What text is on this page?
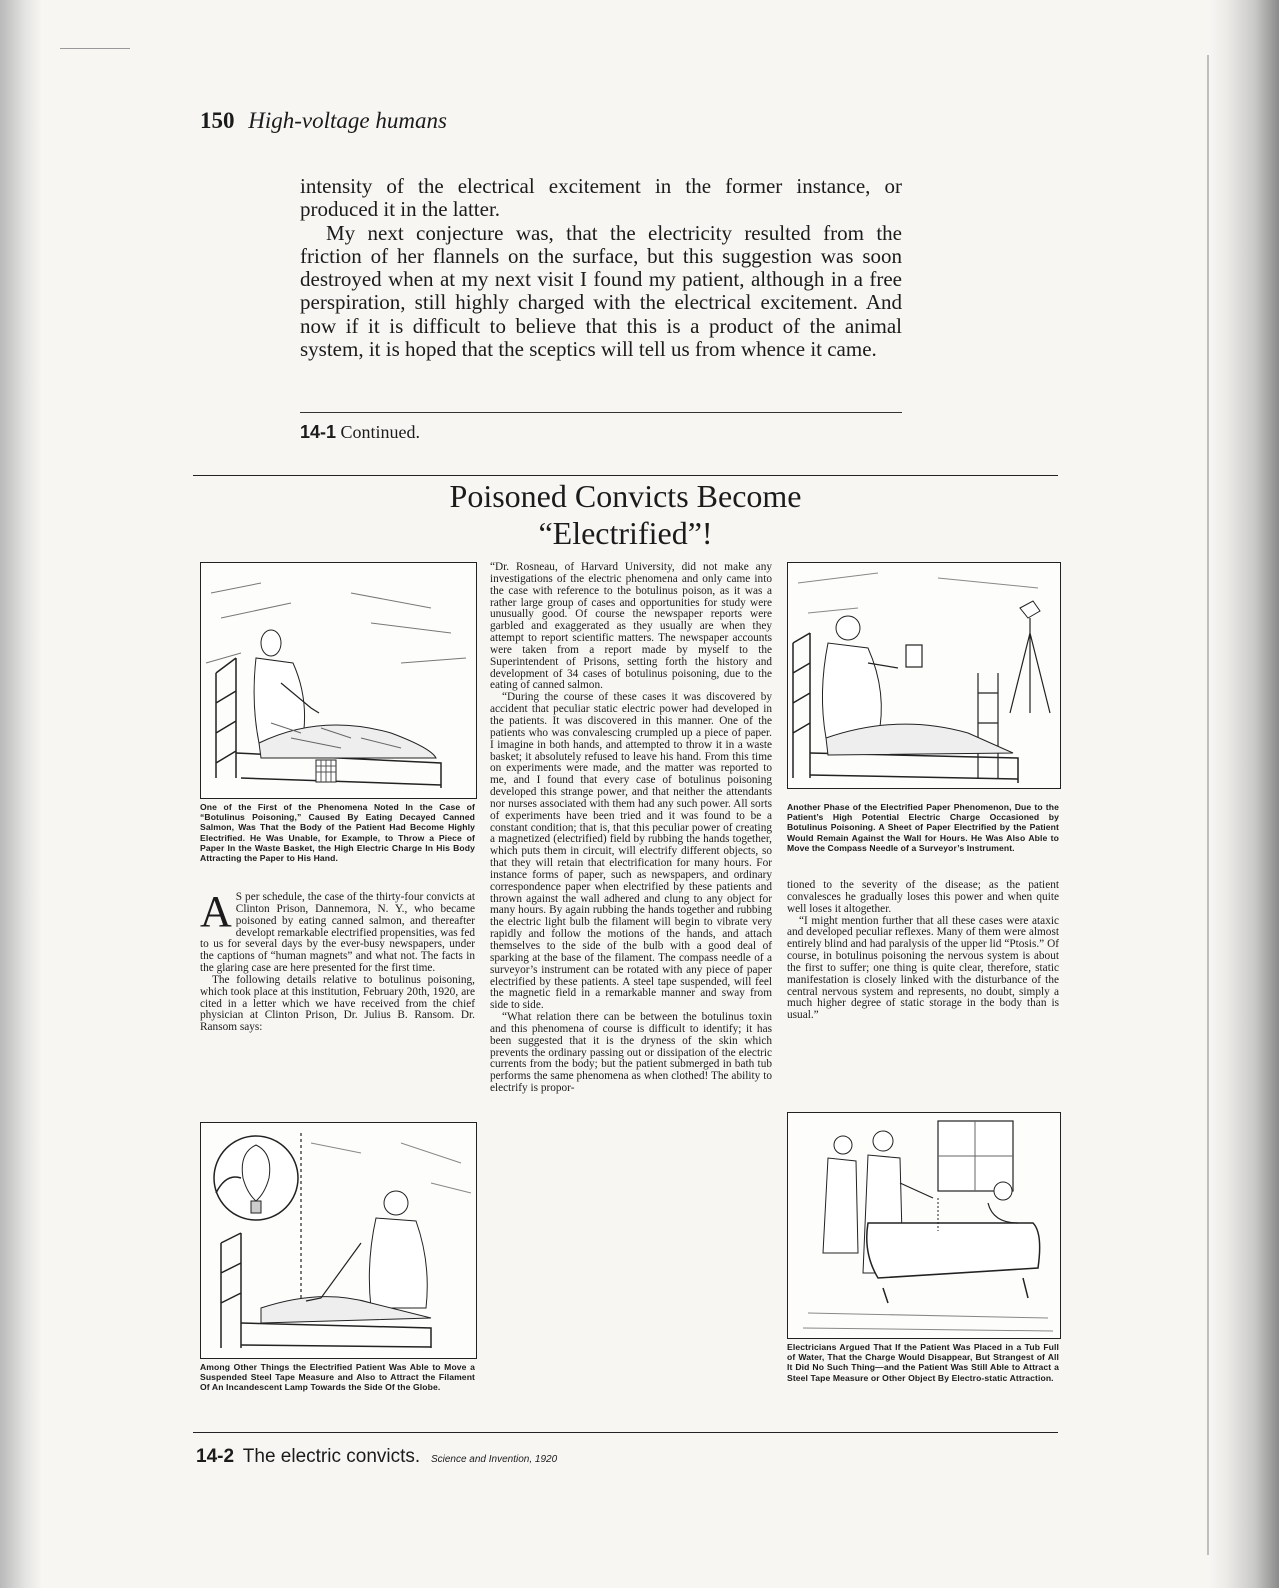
150 High-voltage humans

intensity of the electrical excitement in the former instance, or produced it in the latter.

My next conjecture was, that the electricity resulted from the friction of her flannels on the surface, but this suggestion was soon destroyed when at my next visit I found my patient, although in a free perspiration, still highly charged with the electrical excitement. And now if it is difficult to believe that this is a product of the animal system, it is hoped that the sceptics will tell us from whence it came.

14-1 Continued.
Poisoned Convicts Become
“Electrified”!
One of the First of the Phenomena Noted In the Case of “Botulinus Poisoning,” Caused By Eating Decayed Canned Salmon, Was That the Body of the Patient Had Become Highly Electrified. He Was Unable, for Example, to Throw a Piece of Paper In the Waste Basket, the High Electric Charge In His Body Attracting the Paper to His Hand.

A S per schedule, the case of the thirty-four convicts at Clinton Prison, Dannemora, N. Y., who became poisoned by eating canned salmon, and thereafter developt remarkable electrified propensities, was fed to us for several days by the ever-busy newspapers, under the captions of “human magnets” and what not. The facts in the glaring case are here presented for the first time.

The following details relative to botulinus poisoning, which took place at this institution, February 20th, 1920, are cited in a letter which we have received from the chief physician at Clinton Prison, Dr. Julius B. Ransom. Dr. Ransom says:

Among Other Things the Electrified Patient Was Able to Move a Suspended Steel Tape Measure and Also to Attract the Filament Of An Incandescent Lamp Towards the Side Of the Globe.

“Dr. Rosneau, of Harvard University, did not make any investigations of the electric phenomena and only came into the case with reference to the botulinus poison, as it was a rather large group of cases and opportunities for study were unusually good. Of course the newspaper reports were garbled and exaggerated as they usually are when they attempt to report scientific matters. The newspaper accounts were taken from a report made by myself to the Superintendent of Prisons, setting forth the history and development of 34 cases of botulinus poisoning, due to the eating of canned salmon.

“During the course of these cases it was discovered by accident that peculiar static electric power had developed in the patients. It was discovered in this manner. One of the patients who was convalescing crumpled up a piece of paper. I imagine in both hands, and attempted to throw it in a waste basket; it absolutely refused to leave his hand. From this time on experiments were made, and the matter was reported to me, and I found that every case of botulinus poisoning developed this strange power, and that neither the attendants nor nurses associated with them had any such power. All sorts of experiments have been tried and it was found to be a constant condition; that is, that this peculiar power of creating a magnetized (electrified) field by rubbing the hands together, which puts them in circuit, will electrify different objects, so that they will retain that electrification for many hours. For instance forms of paper, such as newspapers, and ordinary correspondence paper when electrified by these patients and thrown against the wall adhered and clung to any object for many hours. By again rubbing the hands together and rubbing the electric light bulb the filament will begin to vibrate very rapidly and follow the motions of the hands, and attach themselves to the side of the bulb with a good deal of sparking at the base of the filament. The compass needle of a surveyor’s instrument can be rotated with any piece of paper electrified by these patients. A steel tape suspended, will feel the magnetic field in a remarkable manner and sway from side to side.

“What relation there can be between the botulinus toxin and this phenomena of course is difficult to identify; it has been suggested that it is the dryness of the skin which prevents the ordinary passing out or dissipation of the electric currents from the body; but the patient submerged in bath tub performs the same phenomena as when clothed! The ability to electrify is propor-

Another Phase of the Electrified Paper Phenomenon, Due to the Patient’s High Potential Electric Charge Occasioned by Botulinus Poisoning. A Sheet of Paper Electrified by the Patient Would Remain Against the Wall for Hours. He Was Also Able to Move the Compass Needle of a Surveyor’s Instrument.

tioned to the severity of the disease; as the patient convalesces he gradually loses this power and when quite well loses it altogether.

“I might mention further that all these cases were ataxic and developed peculiar reflexes. Many of them were almost entirely blind and had paralysis of the upper lid “Ptosis.” Of course, in botulinus poisoning the nervous system is about the first to suffer; one thing is quite clear, therefore, static manifestation is closely linked with the disturbance of the central nervous system and represents, no doubt, simply a much higher degree of static storage in the body than is usual.”

Electricians Argued That If the Patient Was Placed in a Tub Full of Water, That the Charge Would Disappear, But Strangest of All It Did No Such Thing—and the Patient Was Still Able to Attract a Steel Tape Measure or Other Object By Electro-static Attraction.
14-2 The electric convicts. Science and Invention, 1920
